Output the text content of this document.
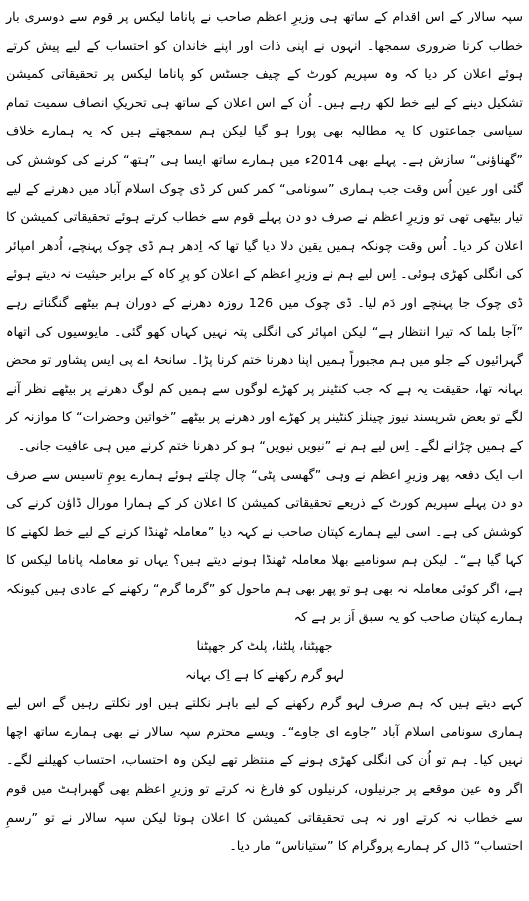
سپہ سالار کے اس اقدام کے ساتھ ہی وزیرِ اعظم صاحب نے پاناما لیکس پر قوم سے دوسری بار خطاب کرنا ضروری سمجھا۔ انہوں نے اپنی ذات اور اپنے خاندان کو احتساب کے لیے پیش کرتے ہوئے اعلان کر دیا کہ وہ سپریم کورٹ کے چیف جسٹس کو پاناما لیکس پر تحقیقاتی کمیشن تشکیل دینے کے لیے خط لکھ رہے ہیں۔ اُن کے اس اعلان کے ساتھ ہی تحریکِ انصاف سمیت تمام سیاسی جماعتوں کا یہ مطالبہ بھی پورا ہو گیا لیکن ہم سمجھتے ہیں کہ یہ ہمارے خلاف ”گھناؤنی“ سازش ہے۔ پہلے بھی 2014ء میں ہمارے ساتھ ایسا ہی ”ہتھ“ کرنے کی کوشش کی گئی اور عین اُس وقت جب ہماری ”سونامی“ کمر کس کر ڈی چوک اسلام آباد میں دھرنے کے لیے تیار بیٹھی تھی تو وزیرِ اعظم نے صرف دو دن پہلے قوم سے خطاب کرتے ہوئے تحقیقاتی کمیشن کا اعلان کر دیا۔ اُس وقت چونکہ ہمیں یقین دلا دیا گیا تھا کہ اِدھر ہم ڈی چوک پہنچے، اُدھر امپائر کی انگلی کھڑی ہوئی۔ اِس لیے ہم نے وزیرِ اعظم کے اعلان کو پرِ کاہ کے برابر حیثیت نہ دیتے ہوئے ڈی چوک جا پہنچے اور دَم لیا۔ ڈی چوک میں 126 روزہ دھرنے کے دوران ہم بیٹھے گنگناتے رہے ”آجا بلما کہ تیرا انتظار ہے“ لیکن امپائر کی انگلی پتہ نہیں کہاں کھو گئی۔ مایوسیوں کی اتھاہ گہرائیوں کے جلو میں ہم مجبوراً ہمیں اپنا دھرنا ختم کرنا پڑا۔ سانحۂ اے پی ایس پشاور تو محض بہانہ تھا، حقیقت یہ ہے کہ جب کنٹینر پر کھڑے لوگوں سے ہمیں کم لوگ دھرنے پر بیٹھے نظر آنے لگے تو بعض شرپسند نیوز چینلز کنٹینر پر کھڑے اور دھرنے پر بیٹھے ”خواتین وحضرات“ کا موازنہ کر کے ہمیں چڑانے لگے۔ اِس لیے ہم نے ”نیویں نیویں“ ہو کر دھرنا ختم کرنے میں ہی عافیت جانی۔

اب ایک دفعہ پھر وزیرِ اعظم نے وہی ”گھسی پٹی“ چال چلتے ہوئے ہمارے یومِ تاسیس سے صرف دو دن پہلے سپریم کورٹ کے ذریعے تحقیقاتی کمیشن کا اعلان کر کے ہمارا مورال ڈاؤن کرنے کی کوشش کی ہے۔ اسی لیے ہمارے کپتان صاحب نے کہہ دیا ”معاملہ ٹھنڈا کرنے کے لیے خط لکھنے کا کہا گیا ہے“۔ لیکن ہم سونامیے بھلا معاملہ ٹھنڈا ہونے دیتے ہیں؟ یہاں تو معاملہ پاناما لیکس کا ہے، اگر کوئی معاملہ نہ بھی ہو تو پھر بھی ہم ماحول کو ”گرما گرم“ رکھنے کے عادی ہیں کیونکہ ہمارے کپتان صاحب کو یہ سبق اَز بر ہے کہ

جھپٹنا، پلٹنا، پلٹ کر جھپٹنا

لہو گرم رکھنے کا ہے اِک بہانہ

کہے دیتے ہیں کہ ہم صرف لہو گرم رکھنے کے لیے باہر نکلتے ہیں اور نکلتے رہیں گے اس لیے ہماری سونامی اسلام آباد ”جاوے ای جاوے“۔ ویسے محترم سپہ سالار نے بھی ہمارے ساتھ اچھا نہیں کیا۔ ہم تو اُن کی انگلی کھڑی ہونے کے منتظر تھے لیکن وہ احتساب، احتساب کھیلنے لگے۔ اگر وہ عین موقعے پر جرنیلوں، کرنیلوں کو فارغ نہ کرتے تو وزیرِ اعظم بھی گھبراہٹ میں قوم سے خطاب نہ کرتے اور نہ ہی تحقیقاتی کمیشن کا اعلان ہوتا لیکن سپہ سالار نے تو ”رسمِ احتساب“ ڈال کر ہمارے پروگرام کا ”ستیاناس“ مار دیا۔
